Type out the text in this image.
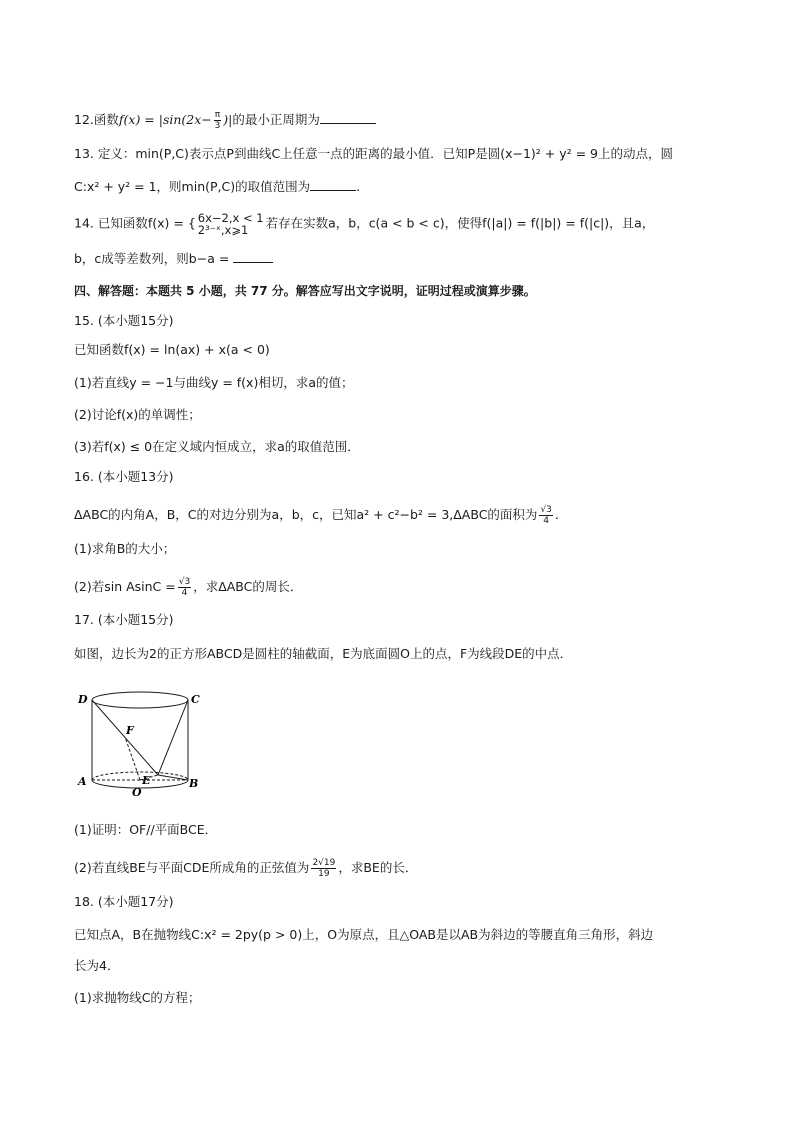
12.函数$f(x) = |\sin(2x- \frac{\pi}{3}$ )|的最小正周期为
13. 定义：min(P,C)表示点P到曲线C上任意一点的距离的最小值．已知P是圆(x−1)² + y² = 9上的动点，圆
C:x² + y² = 1，则min(P,C)的取值范围为	.
14. 已知函数f(x) = { 6x−2,x < 1
2³⁻ˣ,x⩾1	若存在实数a，b，c(a < b < c)，使得f(|a|) = f(|b|) = f(|c|)，且a，
b，c成等差数列，则b−a =
四、解答题：本题共 5 小题，共 77 分。解答应写出文字说明，证明过程或演算步骤。
15. (本小题15分)
已知函数f(x) = ln(ax) + x(a < 0)
(1)若直线y = −1与曲线y = f(x)相切，求a的值；
(2)讨论f(x)的单调性；
(3)若f(x) ≤ 0在定义域内恒成立，求a的取值范围．
16. (本小题13分)
ΔABC的内角A，B，C的对边分别为a，b，c，已知a² + c²−b² = 3,ΔABC的面积为 $\frac{√3}{4}$ .
(1)求角B的大小；
(2)若$\sin AsinC = \frac{√3}{4}$ ，求ΔABC的周长．
17. (本小题15分)
如图，边长为2的正方形ABCD是圆柱的轴截面，E为底面圆O上的点，F为线段DE的中点．
D	C
F
A	E	B
O
(1)证明：OF//平面BCE．
(2)若直线BE与平面CDE所成角的正弦值为 $\frac{2√19}{19}$ ，求BE的长．
18. (本小题17分)
已知点A，B在抛物线C:x² = 2py(p > 0)上，O为原点，且△OAB是以AB为斜边的等腰直角三角形，斜边
长为4．
(1)求抛物线C的方程；
